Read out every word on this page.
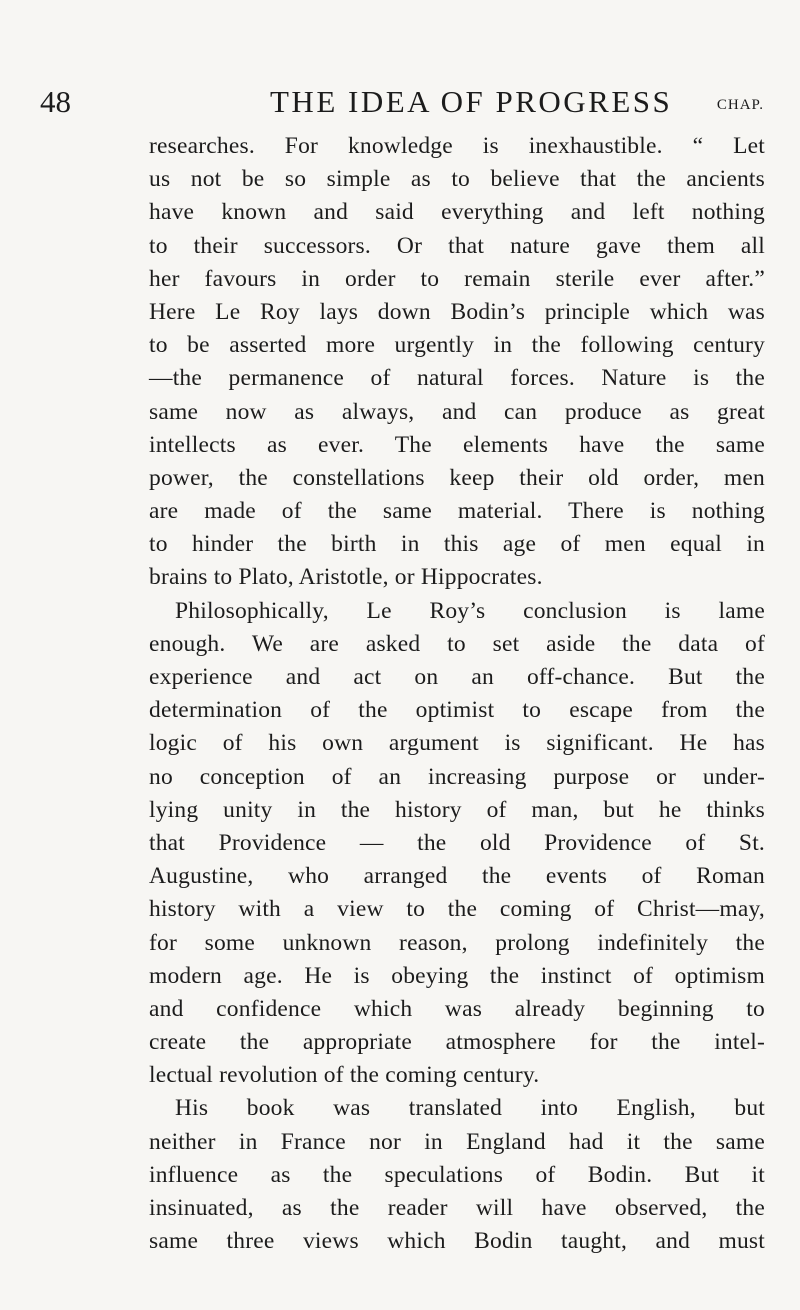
48	THE IDEA OF PROGRESS	CHAP.
researches. For knowledge is inexhaustible. “ Let
us not be so simple as to believe that the ancients
have known and said everything and left nothing
to their successors. Or that nature gave them all
her favours in order to remain sterile ever after.”
Here Le Roy lays down Bodin’s principle which was
to be asserted more urgently in the following century
—the permanence of natural forces. Nature is the
same now as always, and can produce as great
intellects as ever. The elements have the same
power, the constellations keep their old order, men
are made of the same material. There is nothing
to hinder the birth in this age of men equal in
brains to Plato, Aristotle, or Hippocrates.
Philosophically, Le Roy’s conclusion is lame
enough. We are asked to set aside the data of
experience and act on an off-chance. But the
determination of the optimist to escape from the
logic of his own argument is significant. He has
no conception of an increasing purpose or under-
lying unity in the history of man, but he thinks
that Providence — the old Providence of St.
Augustine, who arranged the events of Roman
history with a view to the coming of Christ—may,
for some unknown reason, prolong indefinitely the
modern age. He is obeying the instinct of optimism
and confidence which was already beginning to
create the appropriate atmosphere for the intel-
lectual revolution of the coming century.
His book was translated into English, but
neither in France nor in England had it the same
influence as the speculations of Bodin. But it
insinuated, as the reader will have observed, the
same three views which Bodin taught, and must
